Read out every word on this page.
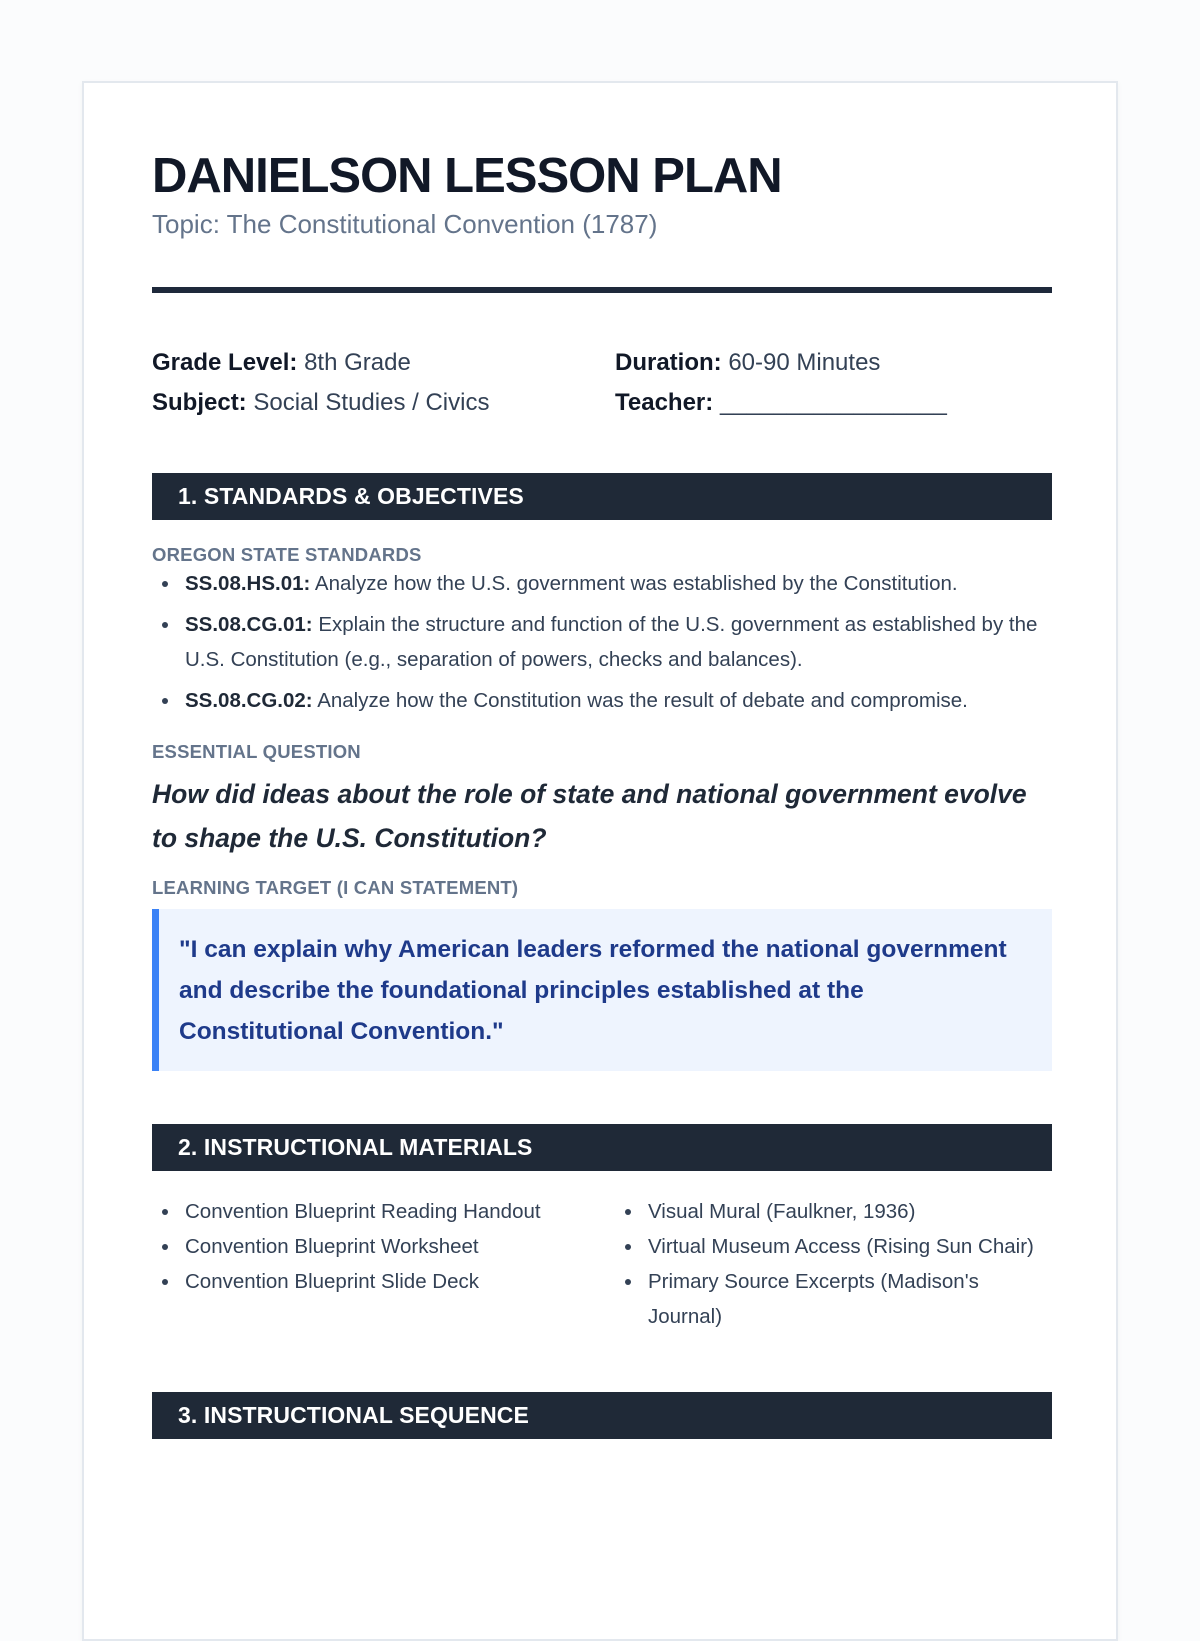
DANIELSON LESSON PLAN
Topic: The Constitutional Convention (1787)
Grade Level: 8th Grade	Duration: 60-90 Minutes
Subject: Social Studies / Civics	Teacher: _________________
1. STANDARDS & OBJECTIVES
OREGON STATE STANDARDS
SS.08.HS.01: Analyze how the U.S. government was established by the Constitution.
SS.08.CG.01: Explain the structure and function of the U.S. government as established by the U.S. Constitution (e.g., separation of powers, checks and balances).
SS.08.CG.02: Analyze how the Constitution was the result of debate and compromise.
ESSENTIAL QUESTION
How did ideas about the role of state and national government evolve to shape the U.S. Constitution?
LEARNING TARGET (I CAN STATEMENT)
"I can explain why American leaders reformed the national government and describe the foundational principles established at the Constitutional Convention."
2. INSTRUCTIONAL MATERIALS
Convention Blueprint Reading Handout
Convention Blueprint Worksheet
Convention Blueprint Slide Deck
Visual Mural (Faulkner, 1936)
Virtual Museum Access (Rising Sun Chair)
Primary Source Excerpts (Madison's Journal)
3. INSTRUCTIONAL SEQUENCE
